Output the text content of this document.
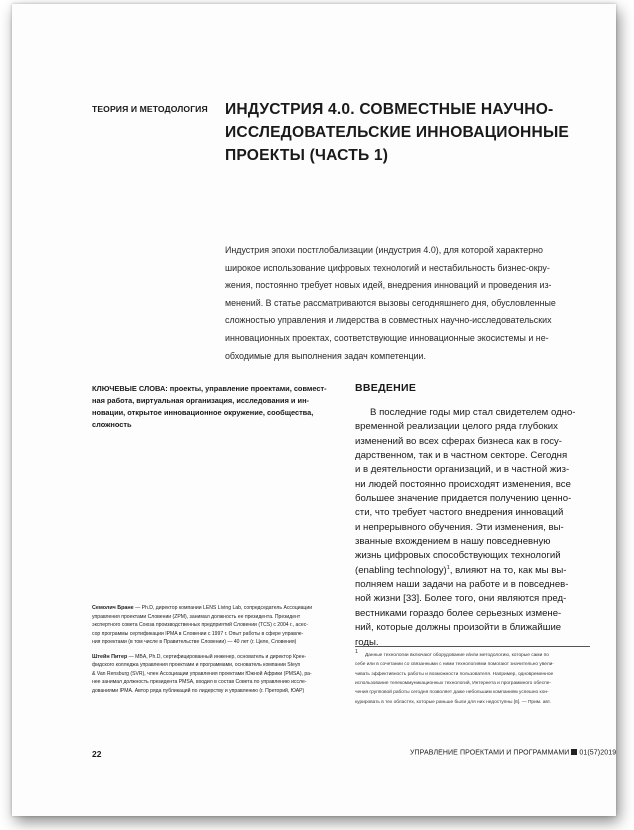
ТЕОРИЯ И МЕТОДОЛОГИЯ ИНДУСТРИЯ 4.0. СОВМЕСТНЫЕ НАУЧНО-
ИССЛЕДОВАТЕЛЬСКИЕ ИННОВАЦИОННЫЕ
ПРОЕКТЫ (ЧАСТЬ 1)
Индустрия эпохи постглобализации (индустрия 4.0), для которой характерно
широкое использование цифровых технологий и нестабильность бизнес-окру-
жения, постоянно требует новых идей, внедрения инноваций и проведения из-
менений. В статье рассматриваются вызовы сегодняшнего дня, обусловленные
сложностью управления и лидерства в совместных научно-исследовательских
инновационных проектах, соответствующие инновационные экосистемы и не-
обходимые для выполнения задач компетенции.
КЛЮЧЕВЫЕ СЛОВА: проекты, управление проектами, совмест-
ная работа, виртуальная организация, исследования и ин-
новации, открытое инновационное окружение, сообщества,
сложность
ВВЕДЕНИЕ
В последние годы мир стал свидетелем одно-
временной реализации целого ряда глубоких
изменений во всех сферах бизнеса как в госу-
дарственном, так и в частном секторе. Сегодня
и в деятельности организаций, и в частной жиз-
ни людей постоянно происходят изменения, все
большее значение придается получению ценно-
сти, что требует частого внедрения инноваций
и непрерывного обучения. Эти изменения, вы-
званные вхождением в нашу повседневную
жизнь цифровых способствующих технологий
(enabling technology)$^1$, влияют на то, как мы вы-
полняем наши задачи на работе и в повседнев-
ной жизни [33]. Более того, они являются пред-
вестниками гораздо более серьезных измене-
ний, которые должны произойти в ближайшие
годы.
Семолич Бране — Ph.D, директор компании LENS Living Lab, сопредседатель Ассоциации
управления проектами Словении (ZPM), занимал должность ее президента. Президент
экспертного совета Союза производственных предприятий Словении (TCS) с 2004 г., асес-
сор программы сертификации IPMA в Словении с 1997 г. Опыт работы в сфере управле-
ния проектами (в том числе в Правительстве Словении) — 40 лет (г. Целе, Словения)
Штейн Питер — MBA, Ph.D, сертифицированный инженер, основатель и директор Крен-
фидского колледжа управления проектами и программами, основатель компании Steyn
& Van Rensburg (SVR), член Ассоциации управления проектами Южной Африки (PMSA), ра-
нее занимал должность президента PMSA, входил в состав Совета по управлению иссле-
дованиями IPMA. Автор ряда публикаций по лидерству и управлению (г. Преторий, ЮАР)
$^1$Данные технологии включают оборудование и/или методологию, которые сами по
себе или в сочетании со связанными с ними технологиями помогают значительно увели-
чивать эффективность работы и возможности пользователя. Например, одновременное
использование телекоммуникационных технологий, Интернета и программного обеспе-
чения групповой работы сегодня позволяет даже небольшим компаниям успешно кон-
курировать в тех областях, которые раньше были для них недоступны [6]. — Прим. авт.
22	УПРАВЛЕНИЕ ПРОЕКТАМИ И ПРОГРАММАМИ 01(57)2019
